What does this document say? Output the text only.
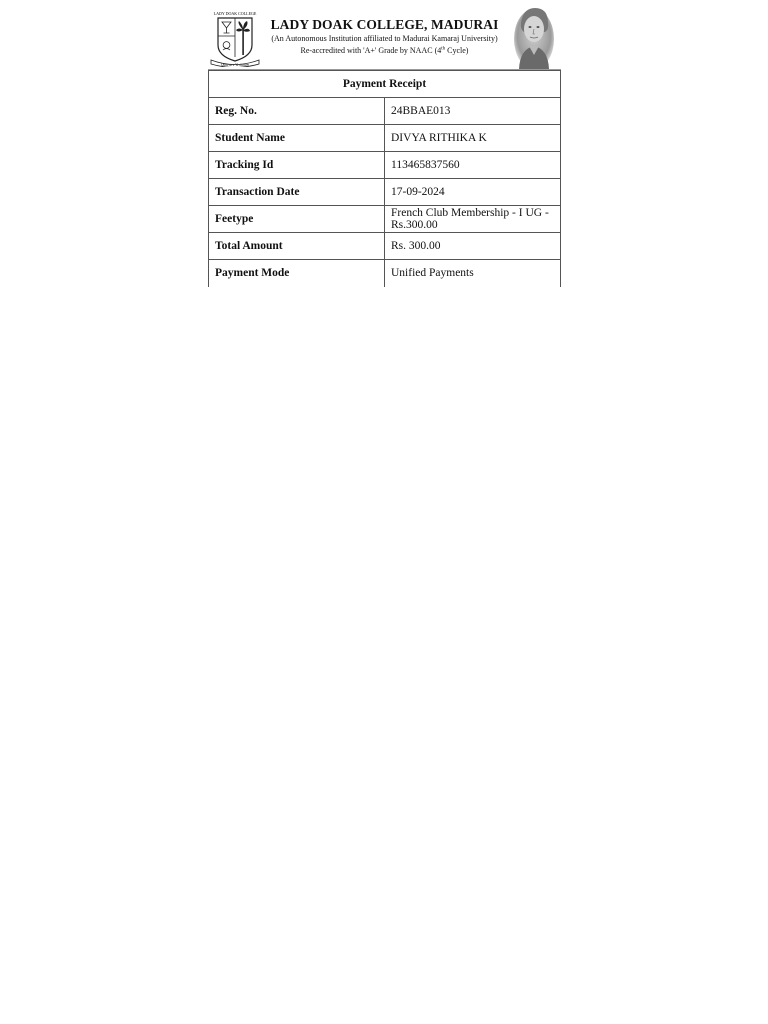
LADY DOAK COLLEGE
Quaerere Veritatem
LADY DOAK COLLEGE, MADURAI
(An Autonomous Institution affiliated to Madurai Kamaraj University)
Re-accredited with 'A+' Grade by NAAC (4th Cycle)
Payment Receipt	
Reg. No.	24BBAE013
Student Name	DIVYA RITHIKA K
Tracking Id	113465837560
Transaction Date	17-09-2024
Feetype	French Club Membership - I UG - Rs.300.00
Total Amount	Rs. 300.00
Payment Mode	Unified Payments
